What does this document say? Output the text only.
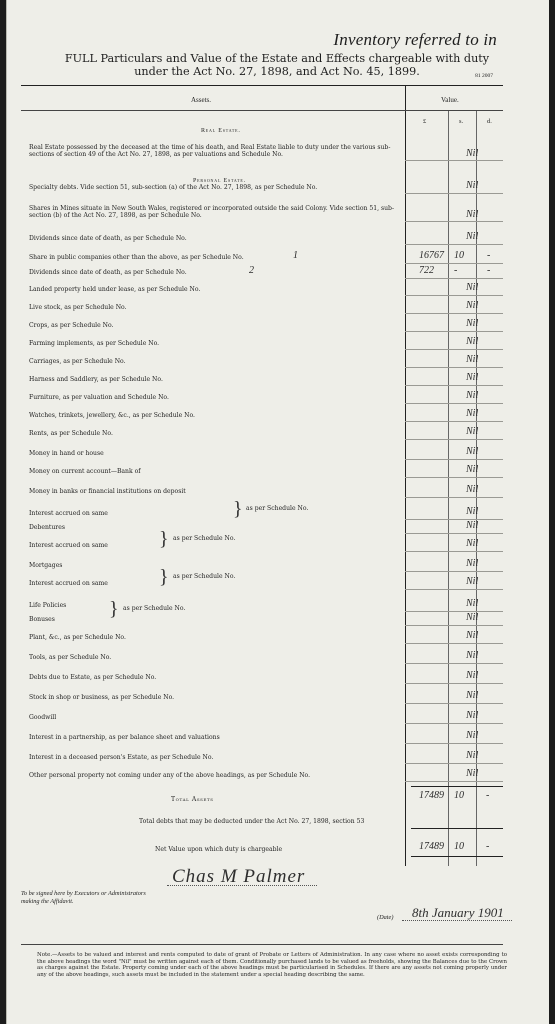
Inventory referred to in
FULL Particulars and Value of the Estate and Effects chargeable with duty under the Act No. 27, 1898, and Act No. 45, 1899.	81 2007
Assets.	Value.
£	s.	d.
Real Estate.
Personal Estate.
Real Estate possessed by the deceased at the time of his death, and Real Estate liable to duty under the various sub-sections of section 49 of the Act No. 27, 1898, as per valuations and Schedule No.	Nil
Specialty debts. Vide section 51, sub-section (a) of the Act No. 27, 1898, as per Schedule No.	Nil
Shares in Mines situate in New South Wales, registered or incorporated outside the said Colony. Vide section 51, sub-section (b) of the Act No. 27, 1898, as per Schedule No.	Nil
Dividends since date of death, as per Schedule No.	Nil
Share in public companies other than the above, as per Schedule No.	1	16767 10 -
Dividends since date of death, as per Schedule No.	2	722 -	-
Landed property held under lease, as per Schedule No.	Nil
Live stock, as per Schedule No.	Nil
Crops, as per Schedule No.	Nil
Farming implements, as per Schedule No.	Nil
Carriages, as per Schedule No.	Nil
Harness and Saddlery, as per Schedule No.	Nil
Furniture, as per valuation and Schedule No.	Nil
Watches, trinkets, jewellery, &c., as per Schedule No.	Nil
Rents, as per Schedule No.	Nil
Money in hand or house	Nil
Money on current account—Bank of	Nil
Money in banks or financial institutions on deposit	Nil
Interest accrued on same	Nil
Debentures	Nil
Interest accrued on same	Nil
Mortgages	Nil
Interest accrued on same	Nil
Life Policies	Nil
Bonuses	Nil
Plant, &c., as per Schedule No.	Nil
Tools, as per Schedule No.	Nil
Debts due to Estate, as per Schedule No.	Nil
Stock in shop or business, as per Schedule No.	Nil
Goodwill	Nil
Interest in a partnership, as per balance sheet and valuations	Nil
Interest in a deceased person's Estate, as per Schedule No.	Nil
Other personal property not coming under any of the above headings, as per Schedule No.	Nil
} as per Schedule No.
} as per Schedule No.
} as per Schedule No.
} as per Schedule No.
Total Assets	17489 10 -
Total debts that may be deducted under the Act No. 27, 1898, section 53
Net Value upon which duty is chargeable	17489 10 -
Chas M Palmer
To be signed here by Executors or Administrators making the Affidavit.
(Date) 8th January 1901
Note.—Assets to be valued and interest and rents computed to date of grant of Probate or Letters of Administration. In any case where no asset exists corresponding to the above headings the word "Nil" must be written against each of them. Conditionally purchased lands to be valued as freeholds, showing the Balances due to the Crown as charges against the Estate. Property coming under each of the above headings must be particularised in Schedules. If there are any assets not coming properly under any of the above headings, such assets must be included in the statement under a special heading describing the same.
